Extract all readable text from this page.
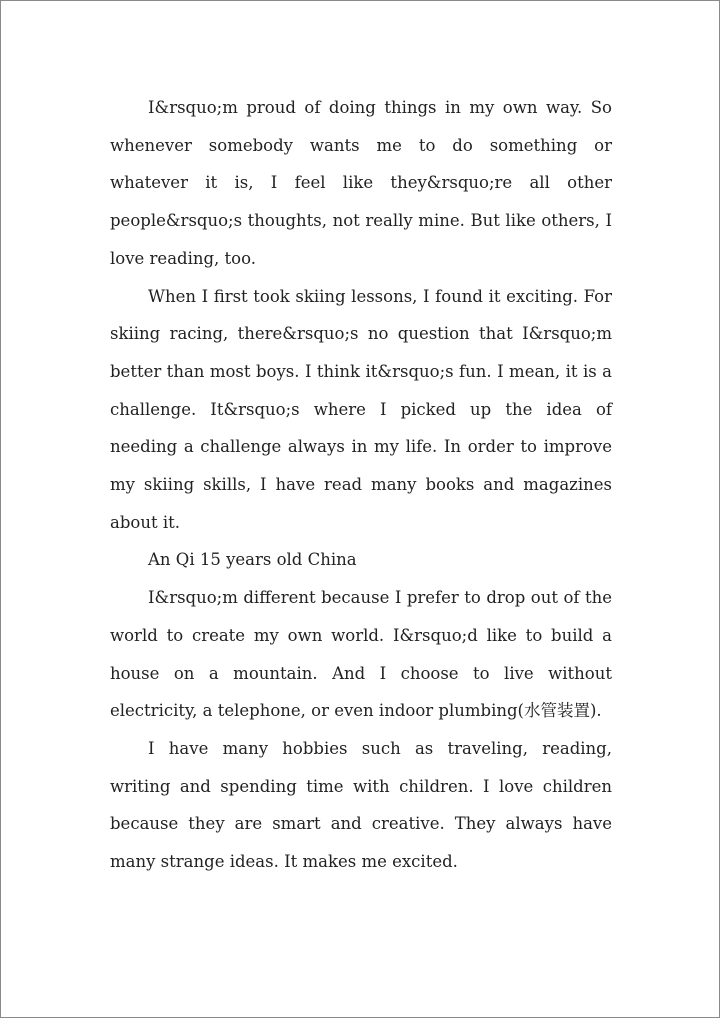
I&rsquo;m proud of doing things in my own way. So whenever somebody wants me to do something or whatever it is, I feel like they&rsquo;re all other people&rsquo;s thoughts, not really mine. But like others, I love reading, too.

When I first took skiing lessons, I found it exciting. For skiing racing, there&rsquo;s no question that I&rsquo;m better than most boys. I think it&rsquo;s fun. I mean, it is a challenge. It&rsquo;s where I picked up the idea of needing a challenge always in my life. In order to improve my skiing skills, I have read many books and magazines about it.

An Qi 15 years old China

I&rsquo;m different because I prefer to drop out of the world to create my own world. I&rsquo;d like to build a house on a mountain. And I choose to live without electricity, a telephone, or even indoor plumbing(水管装置).

I have many hobbies such as traveling, reading, writing and spending time with children. I love children because they are smart and creative. They always have many strange ideas. It makes me excited.
